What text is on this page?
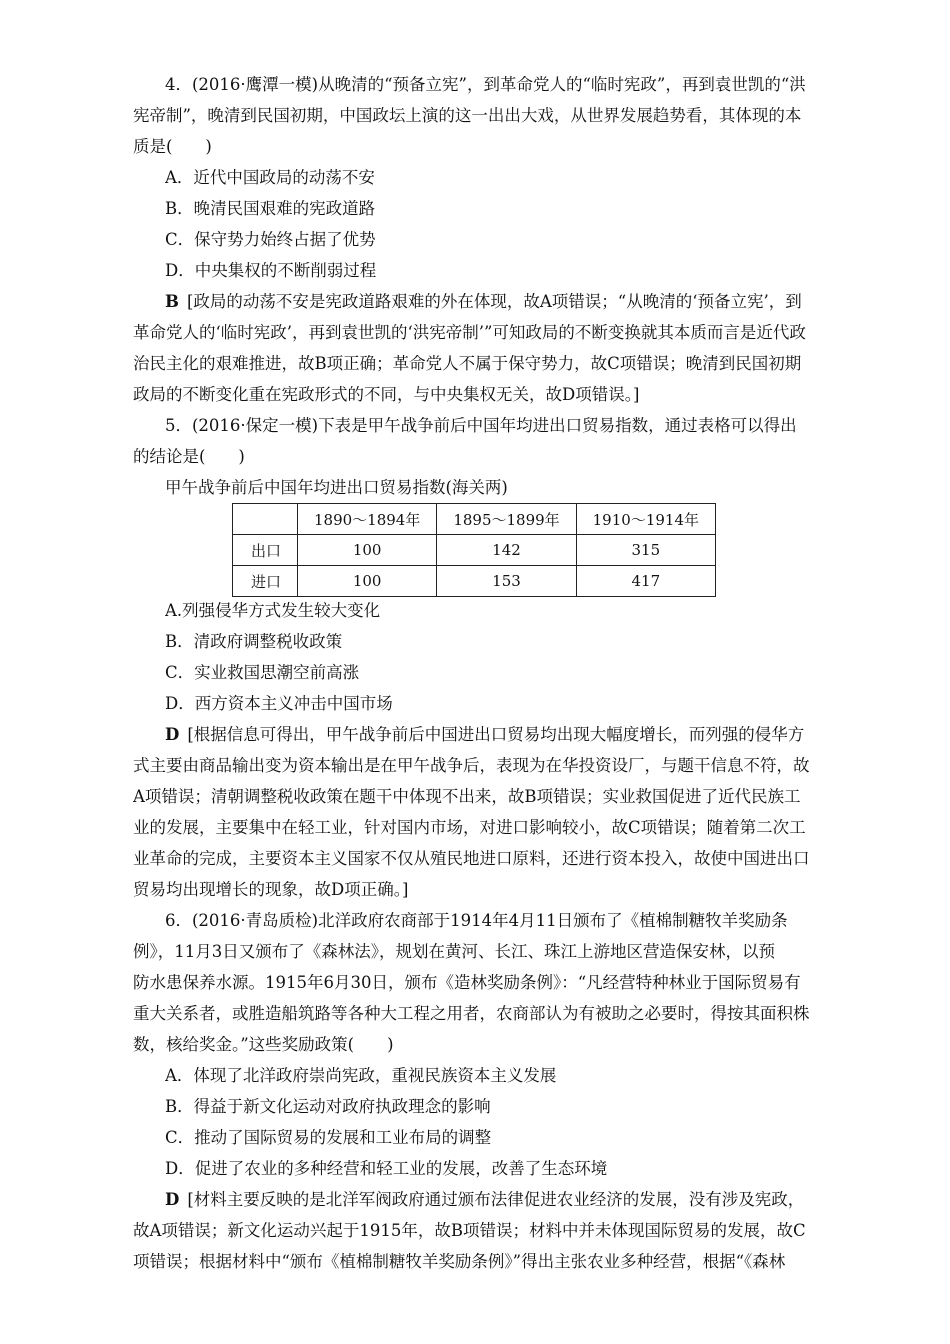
4．(2016·鹰潭一模)从晚清的“预备立宪”，到革命党人的“临时宪政”，再到袁世凯的“洪
宪帝制”，晚清到民国初期，中国政坛上演的这一出出大戏，从世界发展趋势看，其体现的本
质是(　　)
A．近代中国政局的动荡不安
B．晚清民国艰难的宪政道路
C．保守势力始终占据了优势
D．中央集权的不断削弱过程
B [政局的动荡不安是宪政道路艰难的外在体现，故A项错误；“从晚清的‘预备立宪’，到
革命党人的‘临时宪政’，再到袁世凯的‘洪宪帝制’”可知政局的不断变换就其本质而言是近代政
治民主化的艰难推进，故B项正确；革命党人不属于保守势力，故C项错误；晚清到民国初期
政局的不断变化重在宪政形式的不同，与中央集权无关，故D项错误。]
5．(2016·保定一模)下表是甲午战争前后中国年均进出口贸易指数，通过表格可以得出
的结论是(　　)
甲午战争前后中国年均进出口贸易指数(海关两)
	1890～1894年	1895～1899年	1910～1914年
出口	100	142	315
进口	100	153	417
A.列强侵华方式发生较大变化
B．清政府调整税收政策
C．实业救国思潮空前高涨
D．西方资本主义冲击中国市场
D [根据信息可得出，甲午战争前后中国进出口贸易均出现大幅度增长，而列强的侵华方
式主要由商品输出变为资本输出是在甲午战争后，表现为在华投资设厂，与题干信息不符，故
A项错误；清朝调整税收政策在题干中体现不出来，故B项错误；实业救国促进了近代民族工
业的发展，主要集中在轻工业，针对国内市场，对进口影响较小，故C项错误；随着第二次工
业革命的完成，主要资本主义国家不仅从殖民地进口原料，还进行资本投入，故使中国进出口
贸易均出现增长的现象，故D项正确。]
6．(2016·青岛质检)北洋政府农商部于1914年4月11日颁布了《植棉制糖牧羊奖励条
例》，11月3日又颁布了《森林法》，规划在黄河、长江、珠江上游地区营造保安林，以预
防水患保养水源。1915年6月30日，颁布《造林奖励条例》：“凡经营特种林业于国际贸易有
重大关系者，或胜造船筑路等各种大工程之用者，农商部认为有被助之必要时，得按其面积株
数，核给奖金。”这些奖励政策(　　)
A．体现了北洋政府崇尚宪政，重视民族资本主义发展
B．得益于新文化运动对政府执政理念的影响
C．推动了国际贸易的发展和工业布局的调整
D．促进了农业的多种经营和轻工业的发展，改善了生态环境
D [材料主要反映的是北洋军阀政府通过颁布法律促进农业经济的发展，没有涉及宪政，
故A项错误；新文化运动兴起于1915年，故B项错误；材料中并未体现国际贸易的发展，故C
项错误；根据材料中“颁布《植棉制糖牧羊奖励条例》”得出主张农业多种经营，根据“《森林
